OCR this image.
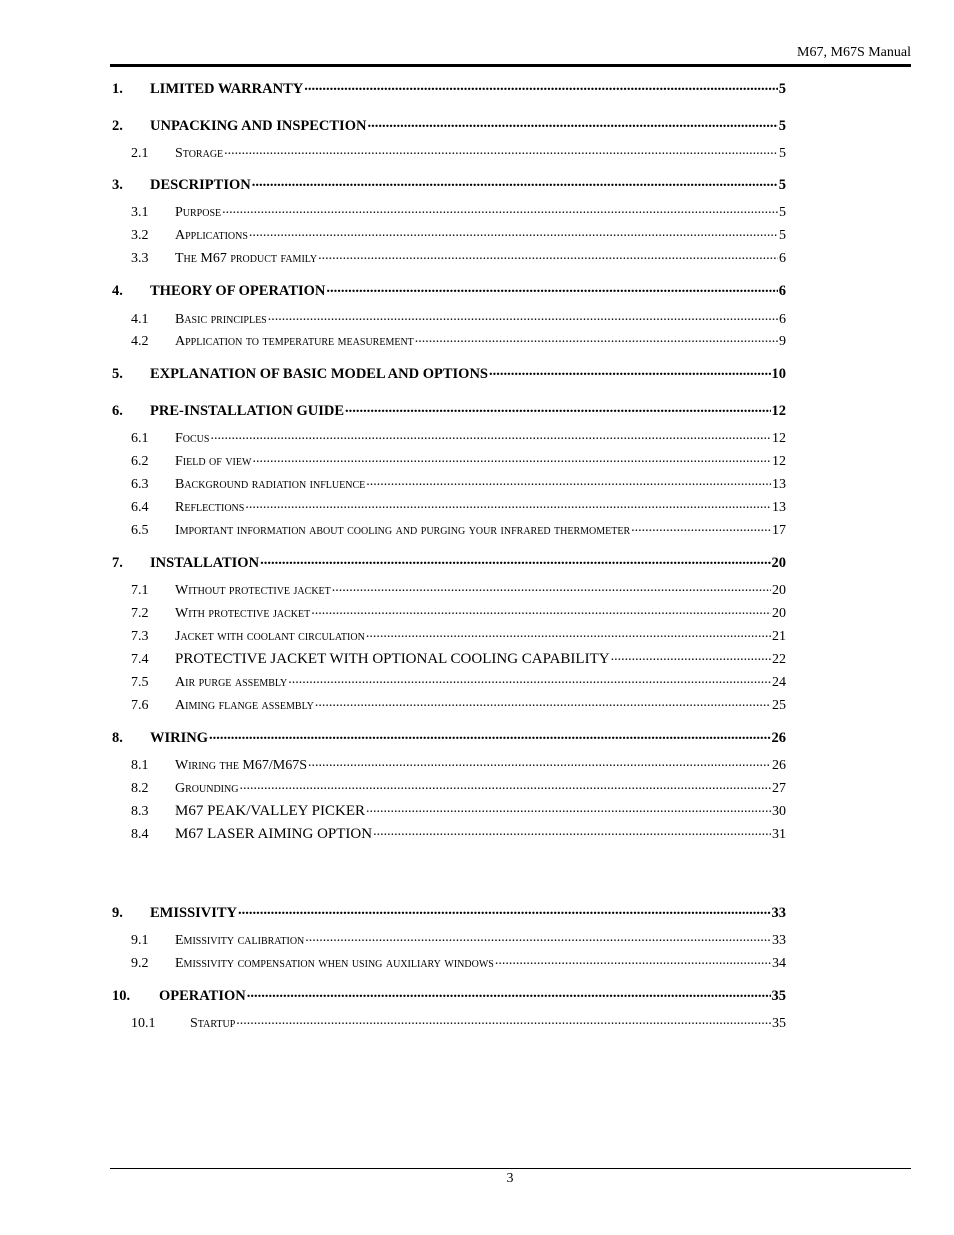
M67, M67S Manual
1.	LIMITED WARRANTY .....	5
2.	UNPACKING AND INSPECTION .....	5
2.1	Storage .....	5
3.	DESCRIPTION .....	5
3.1	Purpose .....	5
3.2	Applications .....	5
3.3	The M67 product family .....	6
4.	THEORY OF OPERATION .....	6
4.1	Basic principles .....	6
4.2	Application to temperature measurement .....	9
5.	EXPLANATION OF BASIC MODEL AND OPTIONS .....	10
6.	PRE-INSTALLATION GUIDE .....	12
6.1	Focus .....	12
6.2	Field of view .....	12
6.3	Background radiation influence .....	13
6.4	Reflections .....	13
6.5	Important information about cooling and purging your infrared thermometer .....	17
7.	INSTALLATION .....	20
7.1	Without protective jacket .....	20
7.2	With protective jacket .....	20
7.3	Jacket with coolant circulation .....	21
7.4	PROTECTIVE JACKET WITH OPTIONAL COOLING CAPABILITY .....	22
7.5	Air purge assembly .....	24
7.6	Aiming flange assembly .....	25
8.	WIRING .....	26
8.1	Wiring the M67/M67S .....	26
8.2	Grounding .....	27
8.3	M67 PEAK/VALLEY PICKER .....	30
8.4	M67 LASER AIMING OPTION .....	31
9.	EMISSIVITY .....	33
9.1	Emissivity calibration .....	33
9.2	Emissivity compensation when using auxiliary windows .....	34
10.	OPERATION .....	35
10.1	Startup .....	35
3
